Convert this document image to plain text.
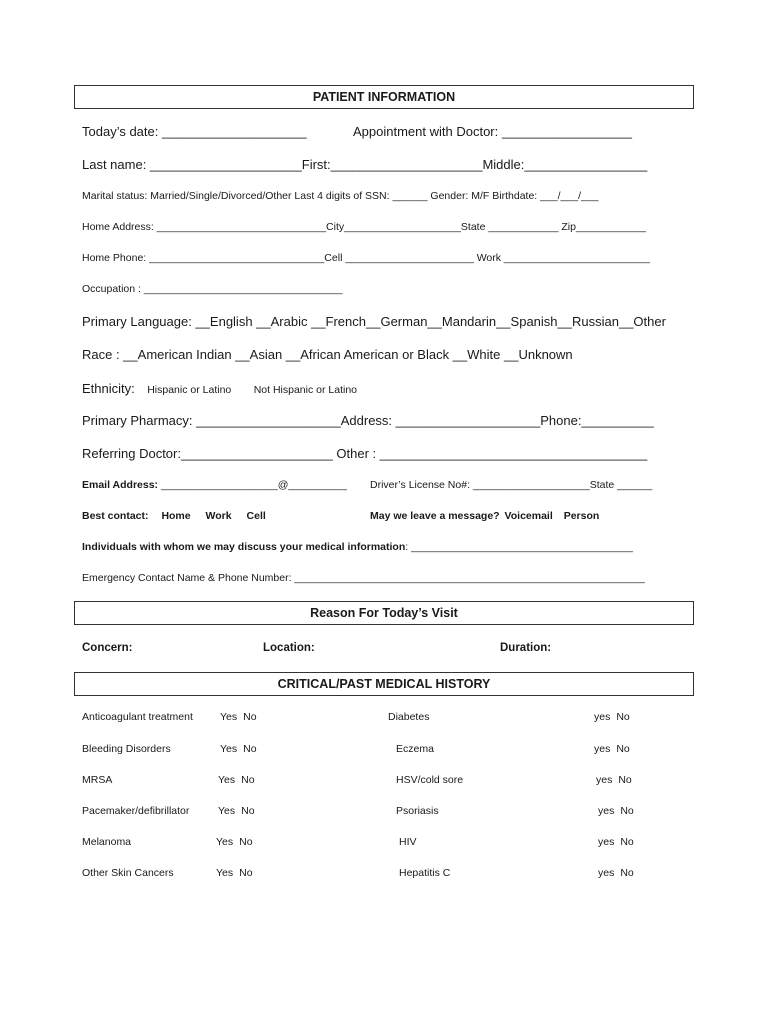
PATIENT INFORMATION
Today’s date: ____________________	Appointment with Doctor: __________________
Last name: _____________________First:_____________________Middle:_________________
Marital status: Married/Single/Divorced/Other Last 4 digits of SSN: ______ Gender: M/F Birthdate: ___/___/___
Home Address: _____________________________City____________________State ____________ Zip____________
Home Phone: ______________________________Cell ______________________ Work _________________________
Occupation : __________________________________
Primary Language: __English __Arabic __French__German__Mandarin__Spanish__Russian__Other
Race : __American Indian __Asian __African American or Black __White __Unknown
Ethnicity: Hispanic or Latino Not Hispanic or Latino
Primary Pharmacy: ____________________Address: ____________________Phone:__________
Referring Doctor:_____________________ Other : _____________________________________
Email Address: ____________________@__________ Driver’s License No#: ____________________State ______
Best contact: Home Work Cell	May we leave a message? Voicemail Person
Individuals with whom we may discuss your medical information: ______________________________________
Emergency Contact Name & Phone Number: ____________________________________________________________
Reason For Today’s Visit
Concern:	Location:	Duration:
CRITICAL/PAST MEDICAL HISTORY
Anticoagulant treatment	Yes No	Diabetes	yes No
Bleeding Disorders	Yes No	Eczema	yes No
MRSA	Yes No	HSV/cold sore	yes No
Pacemaker/defibrillator	Yes No	Psoriasis	yes No
Melanoma	Yes No	HIV	yes No
Other Skin Cancers	Yes No	Hepatitis C	yes No
